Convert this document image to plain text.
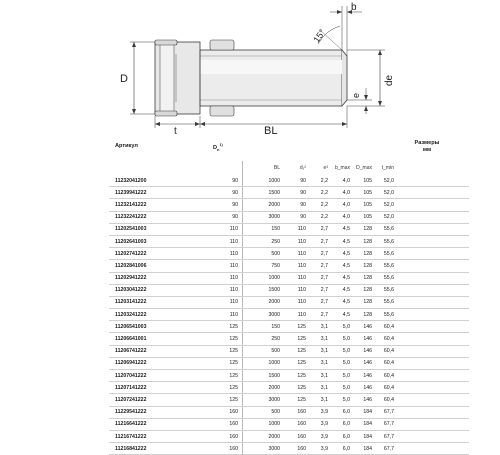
D
t	BL
b
15°
e
de
Артикул	$D_n^{1)}$	Размеры
мм
BL	d₁²	e³	b_max	D_max	t_min
11232041200	90	1000	90	2,2	4,0	105	52,0
11239941222	90	1500	90	2,2	4,0	105	52,0
11232141222	90	2000	90	2,2	4,0	105	52,0
11232241222	90	3000	90	2,2	4,0	105	52,0
11202541003	110	150	110	2,7	4,5	128	55,6
11202641003	110	250	110	2,7	4,5	128	55,6
11202741222	110	500	110	2,7	4,5	128	55,6
11202841006	110	750	110	2,7	4,5	128	55,6
11202941222	110	1000	110	2,7	4,5	128	55,6
11203041222	110	1500	110	2,7	4,5	128	55,6
11203141222	110	2000	110	2,7	4,5	128	55,6
11203241222	110	3000	110	2,7	4,5	128	55,6
11206541003	125	150	125	3,1	5,0	146	60,4
11206641001	125	250	125	3,1	5,0	146	60,4
11206741222	125	500	125	3,1	5,0	146	60,4
11206941222	125	1000	125	3,1	5,0	146	60,4
11207041222	125	1500	125	3,1	5,0	146	60,4
11207141222	125	2000	125	3,1	5,0	146	60,4
11207241222	125	3000	125	3,1	5,0	146	60,4
11229541222	160	500	160	3,9	6,0	184	67,7
11216641222	160	1000	160	3,9	6,0	184	67,7
11216741222	160	2000	160	3,9	6,0	184	67,7
11216841222	160	3000	160	3,9	6,0	184	67,7
